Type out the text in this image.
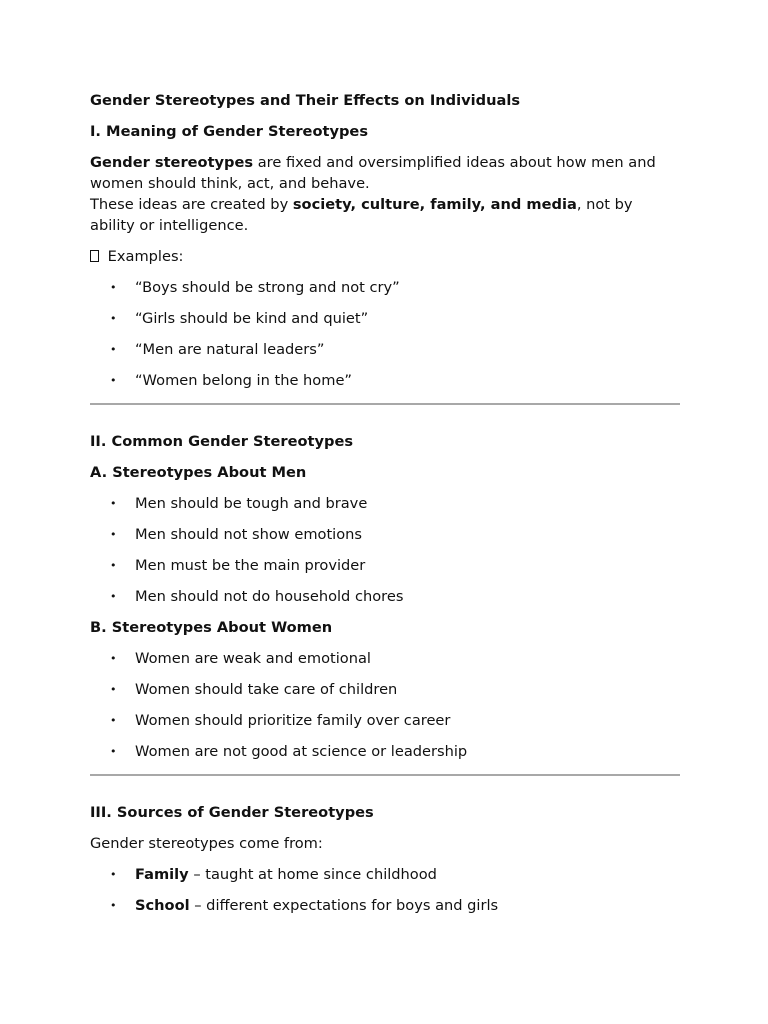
Gender Stereotypes and Their Effects on Individuals
I. Meaning of Gender Stereotypes

Gender stereotypes are fixed and oversimplified ideas about how men and women should think, act, and behave.

These ideas are created by society, culture, family, and media, not by ability or intelligence.

Examples:

• “Boys should be strong and not cry”
• “Girls should be kind and quiet”
• “Men are natural leaders”
• “Women belong in the home”
II. Common Gender Stereotypes
A. Stereotypes About Men
• Men should be tough and brave
• Men should not show emotions
• Men must be the main provider
• Men should not do household chores
B. Stereotypes About Women
• Women are weak and emotional
• Women should take care of children
• Women should prioritize family over career
• Women are not good at science or leadership
III. Sources of Gender Stereotypes

Gender stereotypes come from:

• Family – taught at home since childhood
• School – different expectations for boys and girls
